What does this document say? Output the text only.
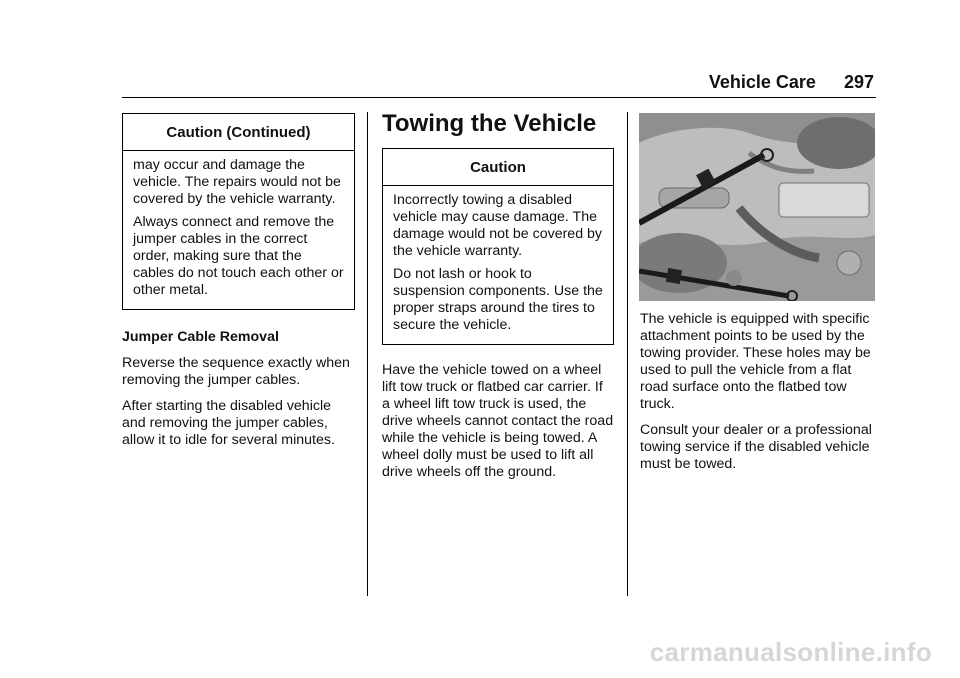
Vehicle Care 297
Caution (Continued)

may occur and damage the vehicle. The repairs would not be covered by the vehicle warranty.

Always connect and remove the jumper cables in the correct order, making sure that the cables do not touch each other or other metal.

Jumper Cable Removal

Reverse the sequence exactly when removing the jumper cables.

After starting the disabled vehicle and removing the jumper cables, allow it to idle for several minutes.

Towing the Vehicle
Caution

Incorrectly towing a disabled vehicle may cause damage. The damage would not be covered by the vehicle warranty.

Do not lash or hook to suspension components. Use the proper straps around the tires to secure the vehicle.

Have the vehicle towed on a wheel lift tow truck or flatbed car carrier. If a wheel lift tow truck is used, the drive wheels cannot contact the road while the vehicle is being towed. A wheel dolly must be used to lift all drive wheels off the ground.

The vehicle is equipped with specific attachment points to be used by the towing provider. These holes may be used to pull the vehicle from a flat road surface onto the flatbed tow truck.

Consult your dealer or a professional towing service if the disabled vehicle must be towed.

carmanualsonline.info
